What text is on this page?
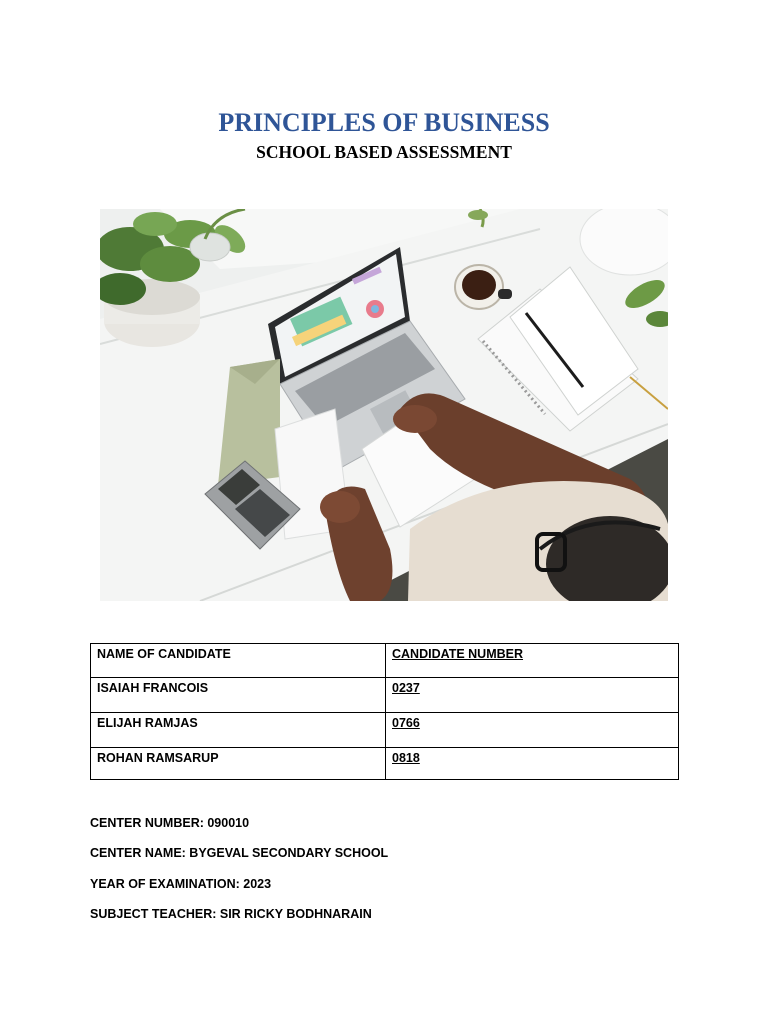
PRINCIPLES OF BUSINESS
SCHOOL BASED ASSESSMENT
NAME OF CANDIDATE	CANDIDATE NUMBER
ISAIAH FRANCOIS	0237
ELIJAH RAMJAS	0766
ROHAN RAMSARUP	0818

CENTER NUMBER: 090010

CENTER NAME: BYGEVAL SECONDARY SCHOOL

YEAR OF EXAMINATION: 2023

SUBJECT TEACHER: SIR RICKY BODHNARAIN
